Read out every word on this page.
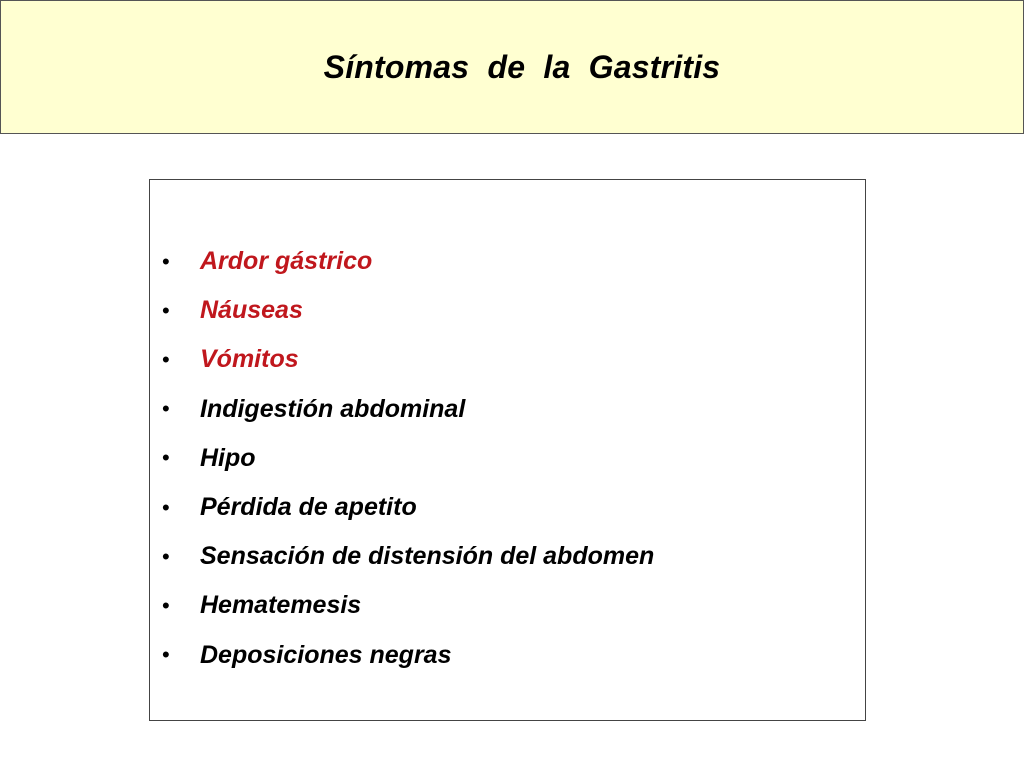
Síntomas  de  la  Gastritis
• Ardor gástrico
• Náuseas
• Vómitos
• Indigestión abdominal
• Hipo
• Pérdida de apetito
• Sensación de distensión del abdomen
• Hematemesis
• Deposiciones negras
